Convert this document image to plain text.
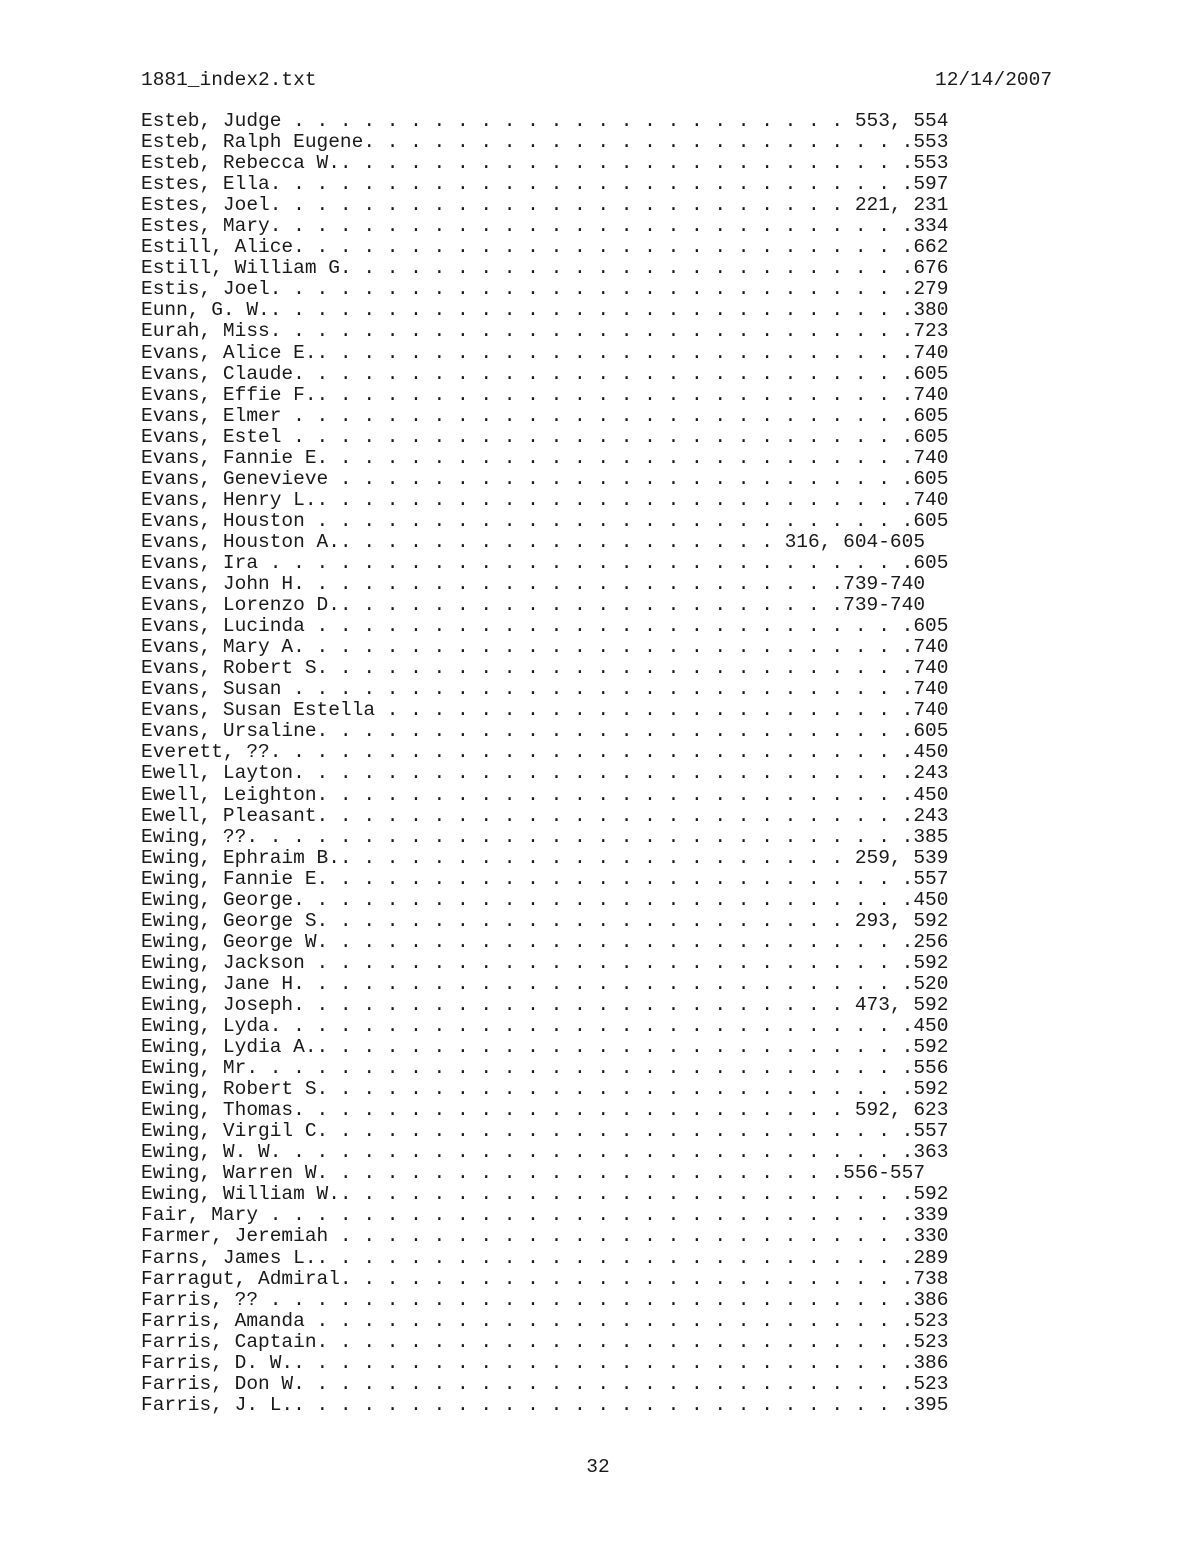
1881_index2.txt	12/14/2007
Esteb, Judge . . . . . . . . . . . . . . . . . . . . . . . . 553, 554
Esteb, Ralph Eugene. . . . . . . . . . . . . . . . . . . . . . . .553
Esteb, Rebecca W.. . . . . . . . . . . . . . . . . . . . . . . . .553
Estes, Ella. . . . . . . . . . . . . . . . . . . . . . . . . . . .597
Estes, Joel. . . . . . . . . . . . . . . . . . . . . . . . . 221, 231
Estes, Mary. . . . . . . . . . . . . . . . . . . . . . . . . . . .334
Estill, Alice. . . . . . . . . . . . . . . . . . . . . . . . . . .662
Estill, William G. . . . . . . . . . . . . . . . . . . . . . . . .676
Estis, Joel. . . . . . . . . . . . . . . . . . . . . . . . . . . .279
Eunn, G. W.. . . . . . . . . . . . . . . . . . . . . . . . . . . .380
Eurah, Miss. . . . . . . . . . . . . . . . . . . . . . . . . . . .723
Evans, Alice E.. . . . . . . . . . . . . . . . . . . . . . . . . .740
Evans, Claude. . . . . . . . . . . . . . . . . . . . . . . . . . .605
Evans, Effie F.. . . . . . . . . . . . . . . . . . . . . . . . . .740
Evans, Elmer . . . . . . . . . . . . . . . . . . . . . . . . . . .605
Evans, Estel . . . . . . . . . . . . . . . . . . . . . . . . . . .605
Evans, Fannie E. . . . . . . . . . . . . . . . . . . . . . . . . .740
Evans, Genevieve . . . . . . . . . . . . . . . . . . . . . . . . .605
Evans, Henry L.. . . . . . . . . . . . . . . . . . . . . . . . . .740
Evans, Houston . . . . . . . . . . . . . . . . . . . . . . . . . .605
Evans, Houston A.. . . . . . . . . . . . . . . . . . . 316, 604-605
Evans, Ira . . . . . . . . . . . . . . . . . . . . . . . . . . . .605
Evans, John H. . . . . . . . . . . . . . . . . . . . . . . .739-740
Evans, Lorenzo D.. . . . . . . . . . . . . . . . . . . . . .739-740
Evans, Lucinda . . . . . . . . . . . . . . . . . . . . . . . . . .605
Evans, Mary A. . . . . . . . . . . . . . . . . . . . . . . . . . .740
Evans, Robert S. . . . . . . . . . . . . . . . . . . . . . . . . .740
Evans, Susan . . . . . . . . . . . . . . . . . . . . . . . . . . .740
Evans, Susan Estella . . . . . . . . . . . . . . . . . . . . . . .740
Evans, Ursaline. . . . . . . . . . . . . . . . . . . . . . . . . .605
Everett, ??. . . . . . . . . . . . . . . . . . . . . . . . . . . .450
Ewell, Layton. . . . . . . . . . . . . . . . . . . . . . . . . . .243
Ewell, Leighton. . . . . . . . . . . . . . . . . . . . . . . . . .450
Ewell, Pleasant. . . . . . . . . . . . . . . . . . . . . . . . . .243
Ewing, ??. . . . . . . . . . . . . . . . . . . . . . . . . . . . .385
Ewing, Ephraim B.. . . . . . . . . . . . . . . . . . . . . . 259, 539
Ewing, Fannie E. . . . . . . . . . . . . . . . . . . . . . . . . .557
Ewing, George. . . . . . . . . . . . . . . . . . . . . . . . . . .450
Ewing, George S. . . . . . . . . . . . . . . . . . . . . . . 293, 592
Ewing, George W. . . . . . . . . . . . . . . . . . . . . . . . . .256
Ewing, Jackson . . . . . . . . . . . . . . . . . . . . . . . . . .592
Ewing, Jane H. . . . . . . . . . . . . . . . . . . . . . . . . . .520
Ewing, Joseph. . . . . . . . . . . . . . . . . . . . . . . . 473, 592
Ewing, Lyda. . . . . . . . . . . . . . . . . . . . . . . . . . . .450
Ewing, Lydia A.. . . . . . . . . . . . . . . . . . . . . . . . . .592
Ewing, Mr. . . . . . . . . . . . . . . . . . . . . . . . . . . . .556
Ewing, Robert S. . . . . . . . . . . . . . . . . . . . . . . . . .592
Ewing, Thomas. . . . . . . . . . . . . . . . . . . . . . . . 592, 623
Ewing, Virgil C. . . . . . . . . . . . . . . . . . . . . . . . . .557
Ewing, W. W. . . . . . . . . . . . . . . . . . . . . . . . . . . .363
Ewing, Warren W. . . . . . . . . . . . . . . . . . . . . . .556-557
Ewing, William W.. . . . . . . . . . . . . . . . . . . . . . . . .592
Fair, Mary . . . . . . . . . . . . . . . . . . . . . . . . . . . .339
Farmer, Jeremiah . . . . . . . . . . . . . . . . . . . . . . . . .330
Farns, James L.. . . . . . . . . . . . . . . . . . . . . . . . . .289
Farragut, Admiral. . . . . . . . . . . . . . . . . . . . . . . . .738
Farris, ?? . . . . . . . . . . . . . . . . . . . . . . . . . . . .386
Farris, Amanda . . . . . . . . . . . . . . . . . . . . . . . . . .523
Farris, Captain. . . . . . . . . . . . . . . . . . . . . . . . . .523
Farris, D. W.. . . . . . . . . . . . . . . . . . . . . . . . . . .386
Farris, Don W. . . . . . . . . . . . . . . . . . . . . . . . . . .523
Farris, J. L.. . . . . . . . . . . . . . . . . . . . . . . . . . .395
32
